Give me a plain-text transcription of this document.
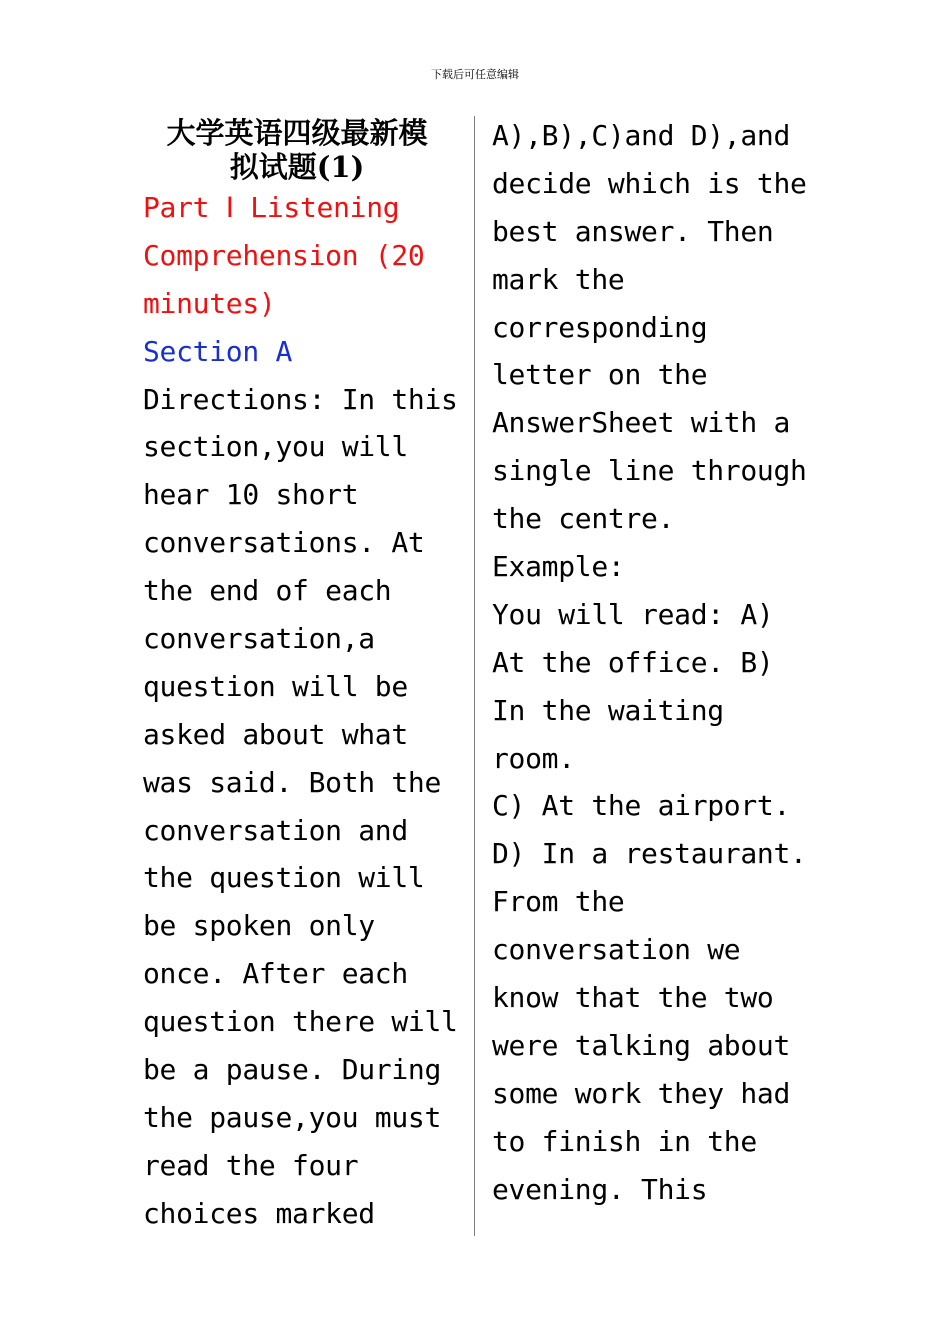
下载后可任意编辑
大学英语四级最新模
拟试题(1)
Part Ⅰ Listening
Comprehension (20
minutes)
Section A
Directions: In this
section,you will
hear 10 short
conversations. At
the end of each
conversation,a
question will be
asked about what
was said. Both the
conversation and
the question will
be spoken only
once. After each
question there will
be a pause. During
the pause,you must
read the four
choices marked
A),B),C)and D),and
decide which is the
best answer. Then
mark the
corresponding
letter on the
AnswerSheet with a
single line through
the centre.
Example:
You will read: A)
At the office. B)
In the waiting
room.
C) At the airport.
D) In a restaurant.
From the
conversation we
know that the two
were talking about
some work they had
to finish in the
evening. This
